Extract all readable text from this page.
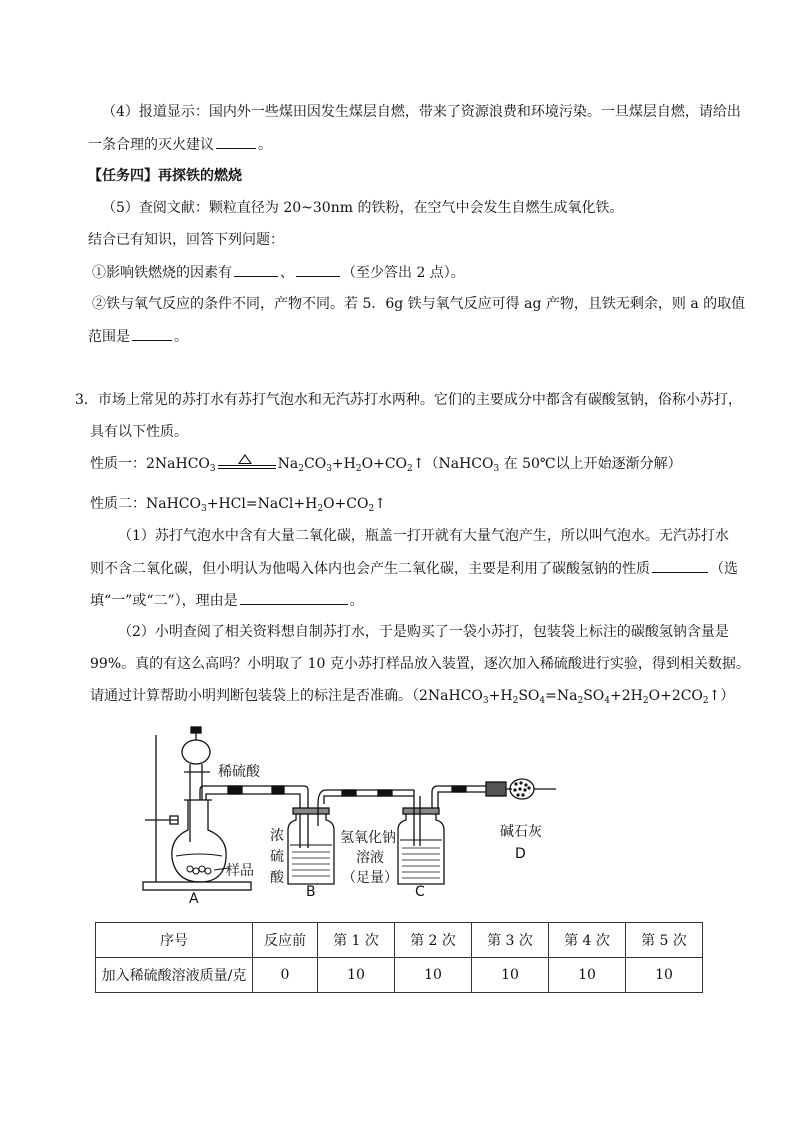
（4）报道显示：国内外一些煤田因发生煤层自燃，带来了资源浪费和环境污染。一旦煤层自燃，请给出
一条合理的灭火建议	。
【任务四】再探铁的燃烧
（5）查阅文献：颗粒直径为 20~30nm 的铁粉，在空气中会发生自燃生成氧化铁。
结合已有知识，回答下列问题：
①影响铁燃烧的因素有	、	（至少答出 2 点）。
②铁与氧气反应的条件不同，产物不同。若 5．6g 铁与氧气反应可得 ag 产物，且铁无剩余，则 a 的取值
范围是	。
3．市场上常见的苏打水有苏打气泡水和无汽苏打水两种。它们的主要成分中都含有碳酸氢钠，俗称小苏打，
具有以下性质。
性质一：2NaHCO$_3$	$Na_2CO_3+H_2O+CO_2↑(NaHCO_3$ 在 50℃以上开始逐渐分解）
性质二：$NaHCO_3+HCl=NaCl+H_2O+CO_2↑$
（1）苏打气泡水中含有大量二氧化碳，瓶盖一打开就有大量气泡产生，所以叫气泡水。无汽苏打水
则不含二氧化碳，但小明认为他喝入体内也会产生二氧化碳，主要是利用了碳酸氢钠的性质	（选
填“一”或“二”），理由是	。
（2）小明查阅了相关资料想自制苏打水，于是购买了一袋小苏打，包装袋上标注的碳酸氢钠含量是
99%。真的有这么高吗？小明取了 10 克小苏打样品放入装置，逐次加入稀硫酸进行实验，得到相关数据。
请通过计算帮助小明判断包装袋上的标注是否准确。$(2NaHCO_3+H_2SO_4=Na_2SO_4+2H_2O+2CO_2↑)$
稀硫酸
样品
A
浓
硫
酸
B
氢氧化钠
溶液
（足量）
C
碱石灰
D
序号	反应前	第 1 次	第 2 次	第 3 次	第 4 次	第 5 次
加入稀硫酸溶液质量/克	0	10	10	10	10	10
